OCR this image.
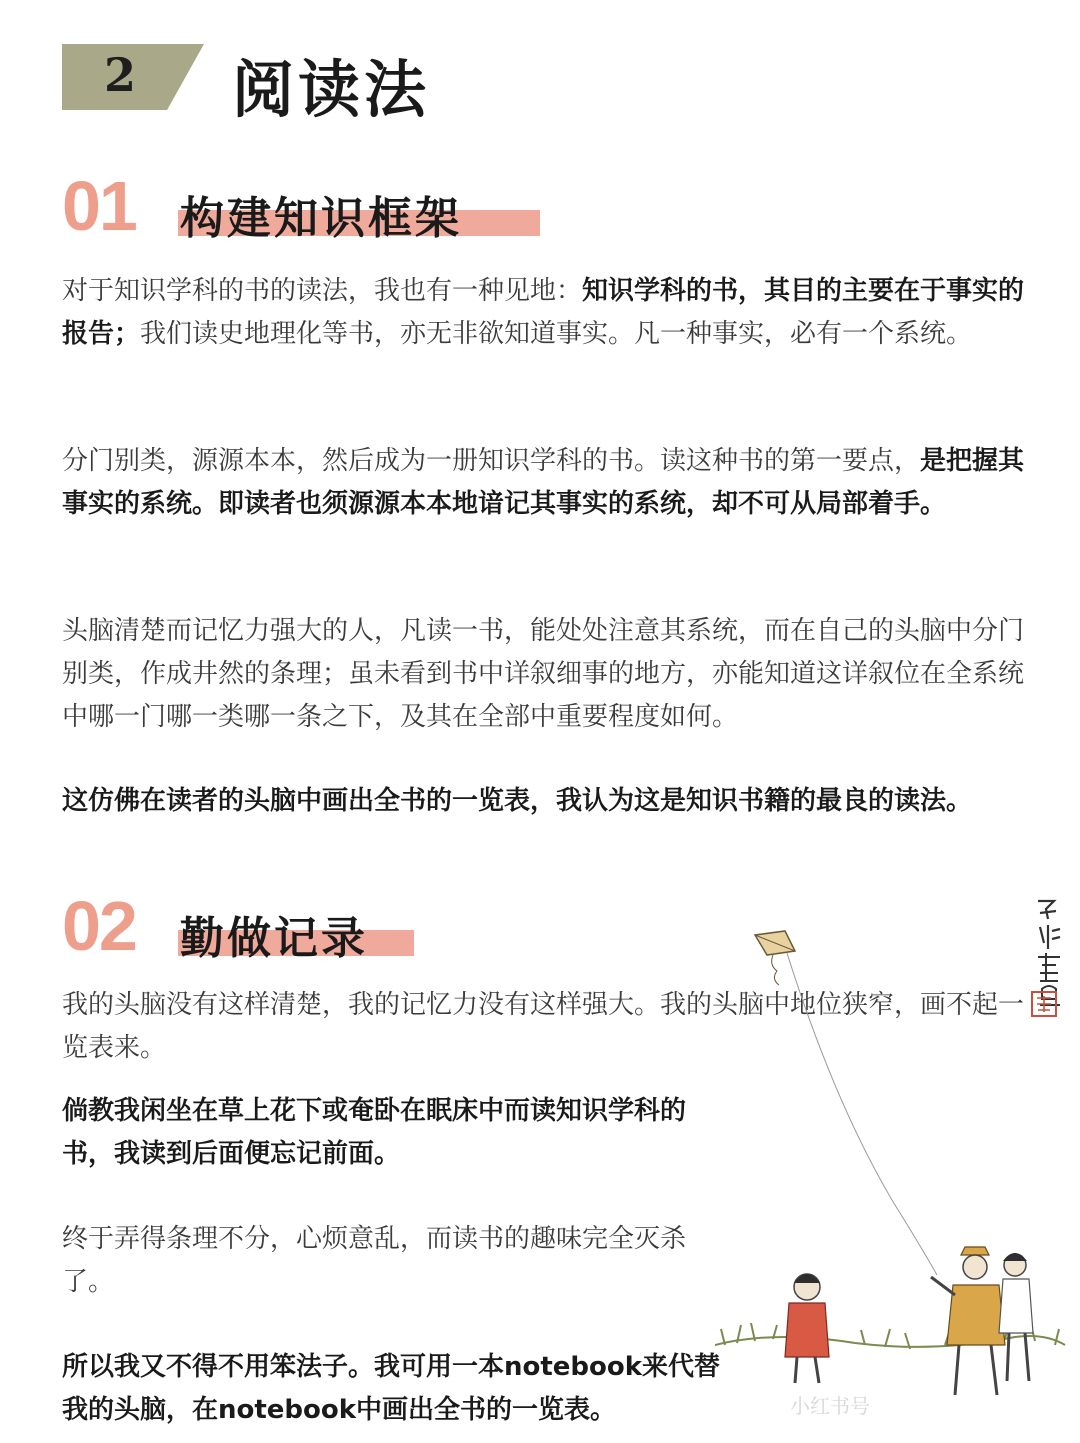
2 阅读法
01 构建知识框架

对于知识学科的书的读法，我也有一种见地：知识学科的书，其目的主要在于事实的报告；我们读史地理化等书，亦无非欲知道事实。凡一种事实，必有一个系统。

分门别类，源源本本，然后成为一册知识学科的书。读这种书的第一要点，是把握其事实的系统。即读者也须源源本本地谙记其事实的系统，却不可从局部着手。

头脑清楚而记忆力强大的人，凡读一书，能处处注意其系统，而在自己的头脑中分门别类，作成井然的条理；虽未看到书中详叙细事的地方，亦能知道这详叙位在全系统中哪一门哪一类哪一条之下，及其在全部中重要程度如何。

这仿佛在读者的头脑中画出全书的一览表，我认为这是知识书籍的最良的读法。

02 勤做记录

我的头脑没有这样清楚，我的记忆力没有这样强大。我的头脑中地位狭窄，画不起一览表来。

倘教我闲坐在草上花下或奄卧在眠床中而读知识学科的书，我读到后面便忘记前面。

终于弄得条理不分，心烦意乱，而读书的趣味完全灭杀了。

所以我又不得不用笨法子。我可用一本notebook来代替我的头脑，在notebook中画出全书的一览表。	小红书号
